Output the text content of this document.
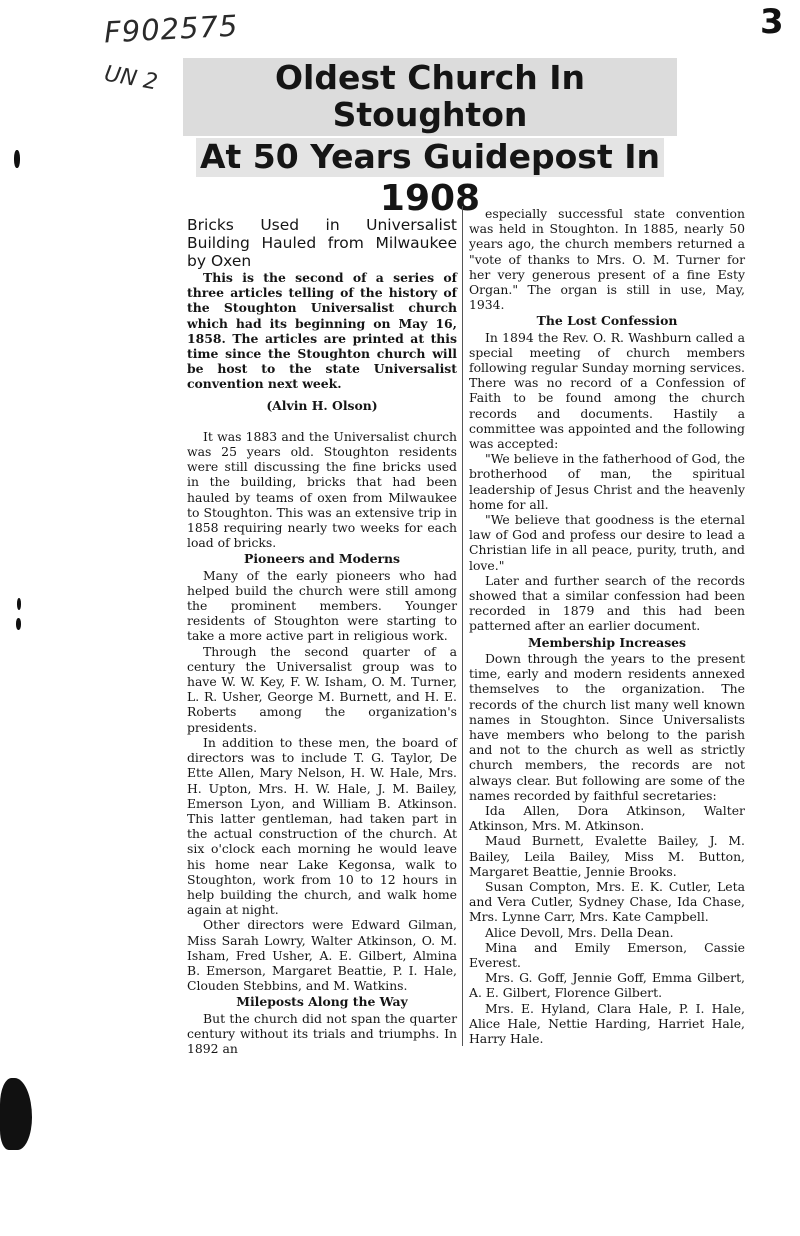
F902575	3
UN 2	Oldest Church In Stoughton At 50 Years Guidepost In
1908

Bricks Used in Universalist Building Hauled from Milwaukee by Oxen

This is the second of a series of three articles telling of the history of the Stoughton Universalist church which had its beginning on May 16, 1858. The articles are printed at this time since the Stoughton church will be host to the state Universalist convention next week.

(Alvin H. Olson)

It was 1883 and the Universalist church was 25 years old. Stoughton residents were still discussing the fine bricks used in the building, bricks that had been hauled by teams of oxen from Milwaukee to Stoughton. This was an extensive trip in 1858 requiring nearly two weeks for each load of bricks.

Pioneers and Moderns

Many of the early pioneers who had helped build the church were still among the prominent members. Younger residents of Stoughton were starting to take a more active part in religious work.

Through the second quarter of a century the Universalist group was to have W. W. Key, F. W. Isham, O. M. Turner, L. R. Usher, George M. Burnett, and H. E. Roberts among the organization's presidents.

In addition to these men, the board of directors was to include T. G. Taylor, De Ette Allen, Mary Nelson, H. W. Hale, Mrs. H. Upton, Mrs. H. W. Hale, J. M. Bailey, Emerson Lyon, and William B. Atkinson. This latter gentleman, had taken part in the actual construction of the church. At six o'clock each morning he would leave his home near Lake Kegonsa, walk to Stoughton, work from 10 to 12 hours in help building the church, and walk home again at night.

Other directors were Edward Gilman, Miss Sarah Lowry, Walter Atkinson, O. M. Isham, Fred Usher, A. E. Gilbert, Almina B. Emerson, Margaret Beattie, P. I. Hale, Clouden Stebbins, and M. Watkins.

Mileposts Along the Way

But the church did not span the quarter century without its trials and triumphs. In 1892 an

especially successful state convention was held in Stoughton. In 1885, nearly 50 years ago, the church members returned a "vote of thanks to Mrs. O. M. Turner for her very generous present of a fine Esty Organ." The organ is still in use, May, 1934.

The Lost Confession

In 1894 the Rev. O. R. Washburn called a special meeting of church members following regular Sunday morning services. There was no record of a Confession of Faith to be found among the church records and documents. Hastily a committee was appointed and the following was accepted:

"We believe in the fatherhood of God, the brotherhood of man, the spiritual leadership of Jesus Christ and the heavenly home for all.

"We believe that goodness is the eternal law of God and profess our desire to lead a Christian life in all peace, purity, truth, and love."

Later and further search of the records showed that a similar confession had been recorded in 1879 and this had been patterned after an earlier document.

Membership Increases

Down through the years to the present time, early and modern residents annexed themselves to the organization. The records of the church list many well known names in Stoughton. Since Universalists have members who belong to the parish and not to the church as well as strictly church members, the records are not always clear. But following are some of the names recorded by faithful secretaries:

Ida Allen, Dora Atkinson, Walter Atkinson, Mrs. M. Atkinson.

Maud Burnett, Evalette Bailey, J. M. Bailey, Leila Bailey, Miss M. Button, Margaret Beattie, Jennie Brooks.

Susan Compton, Mrs. E. K. Cutler, Leta and Vera Cutler, Sydney Chase, Ida Chase, Mrs. Lynne Carr, Mrs. Kate Campbell.

Alice Devoll, Mrs. Della Dean.

Mina and Emily Emerson, Cassie Everest.

Mrs. G. Goff, Jennie Goff, Emma Gilbert, A. E. Gilbert, Florence Gilbert.

Mrs. E. Hyland, Clara Hale, P. I. Hale, Alice Hale, Nettie Harding, Harriet Hale, Harry Hale.
